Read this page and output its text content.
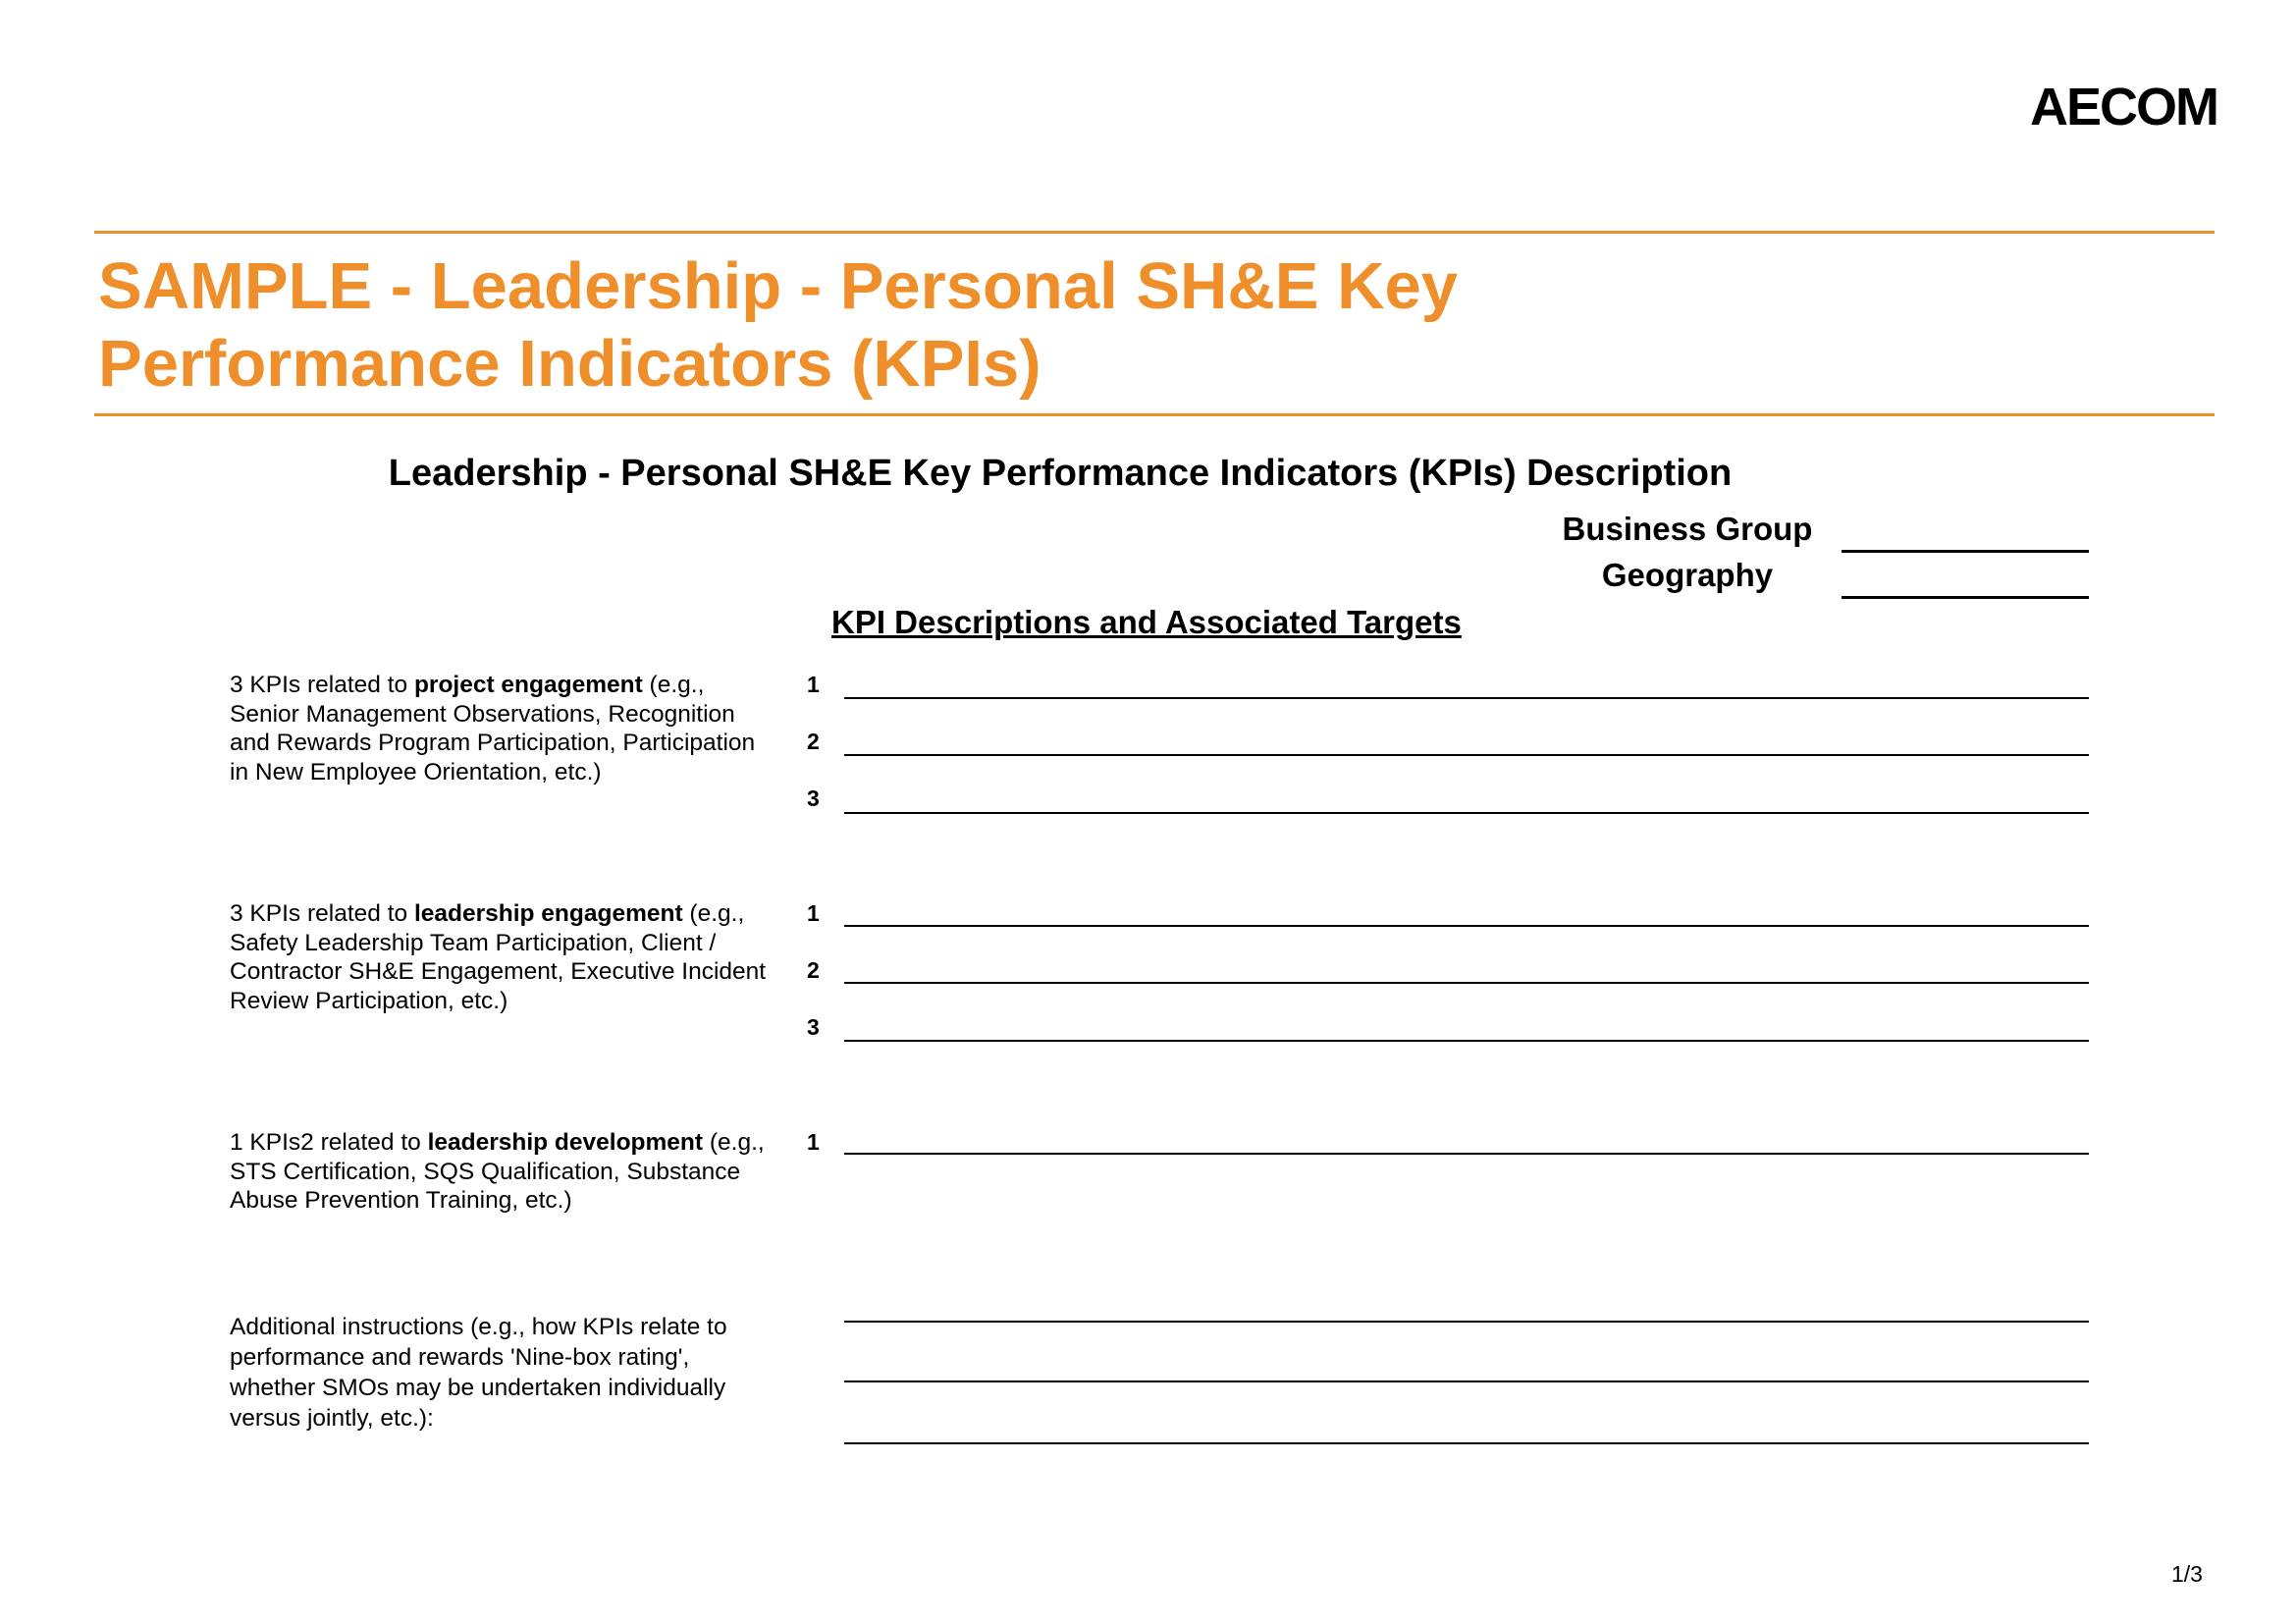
AECOM
SAMPLE - Leadership - Personal SH&E Key
Performance Indicators (KPIs)
Leadership - Personal SH&E Key Performance Indicators (KPIs) Description
Business Group
Geography
KPI Descriptions and Associated Targets
3 KPIs related to project engagement (e.g., Senior Management Observations, Recognition and Rewards Program Participation, Participation in New Employee Orientation, etc.)
1
2
3
3 KPIs related to leadership engagement (e.g., Safety Leadership Team Participation, Client / Contractor SH&E Engagement, Executive Incident Review Participation, etc.)
1
2
3
1 KPIs2 related to leadership development (e.g., STS Certification, SQS Qualification, Substance Abuse Prevention Training, etc.)
1
Additional instructions (e.g., how KPIs relate to performance and rewards 'Nine-box rating', whether SMOs may be undertaken individually versus jointly, etc.):
1/3
